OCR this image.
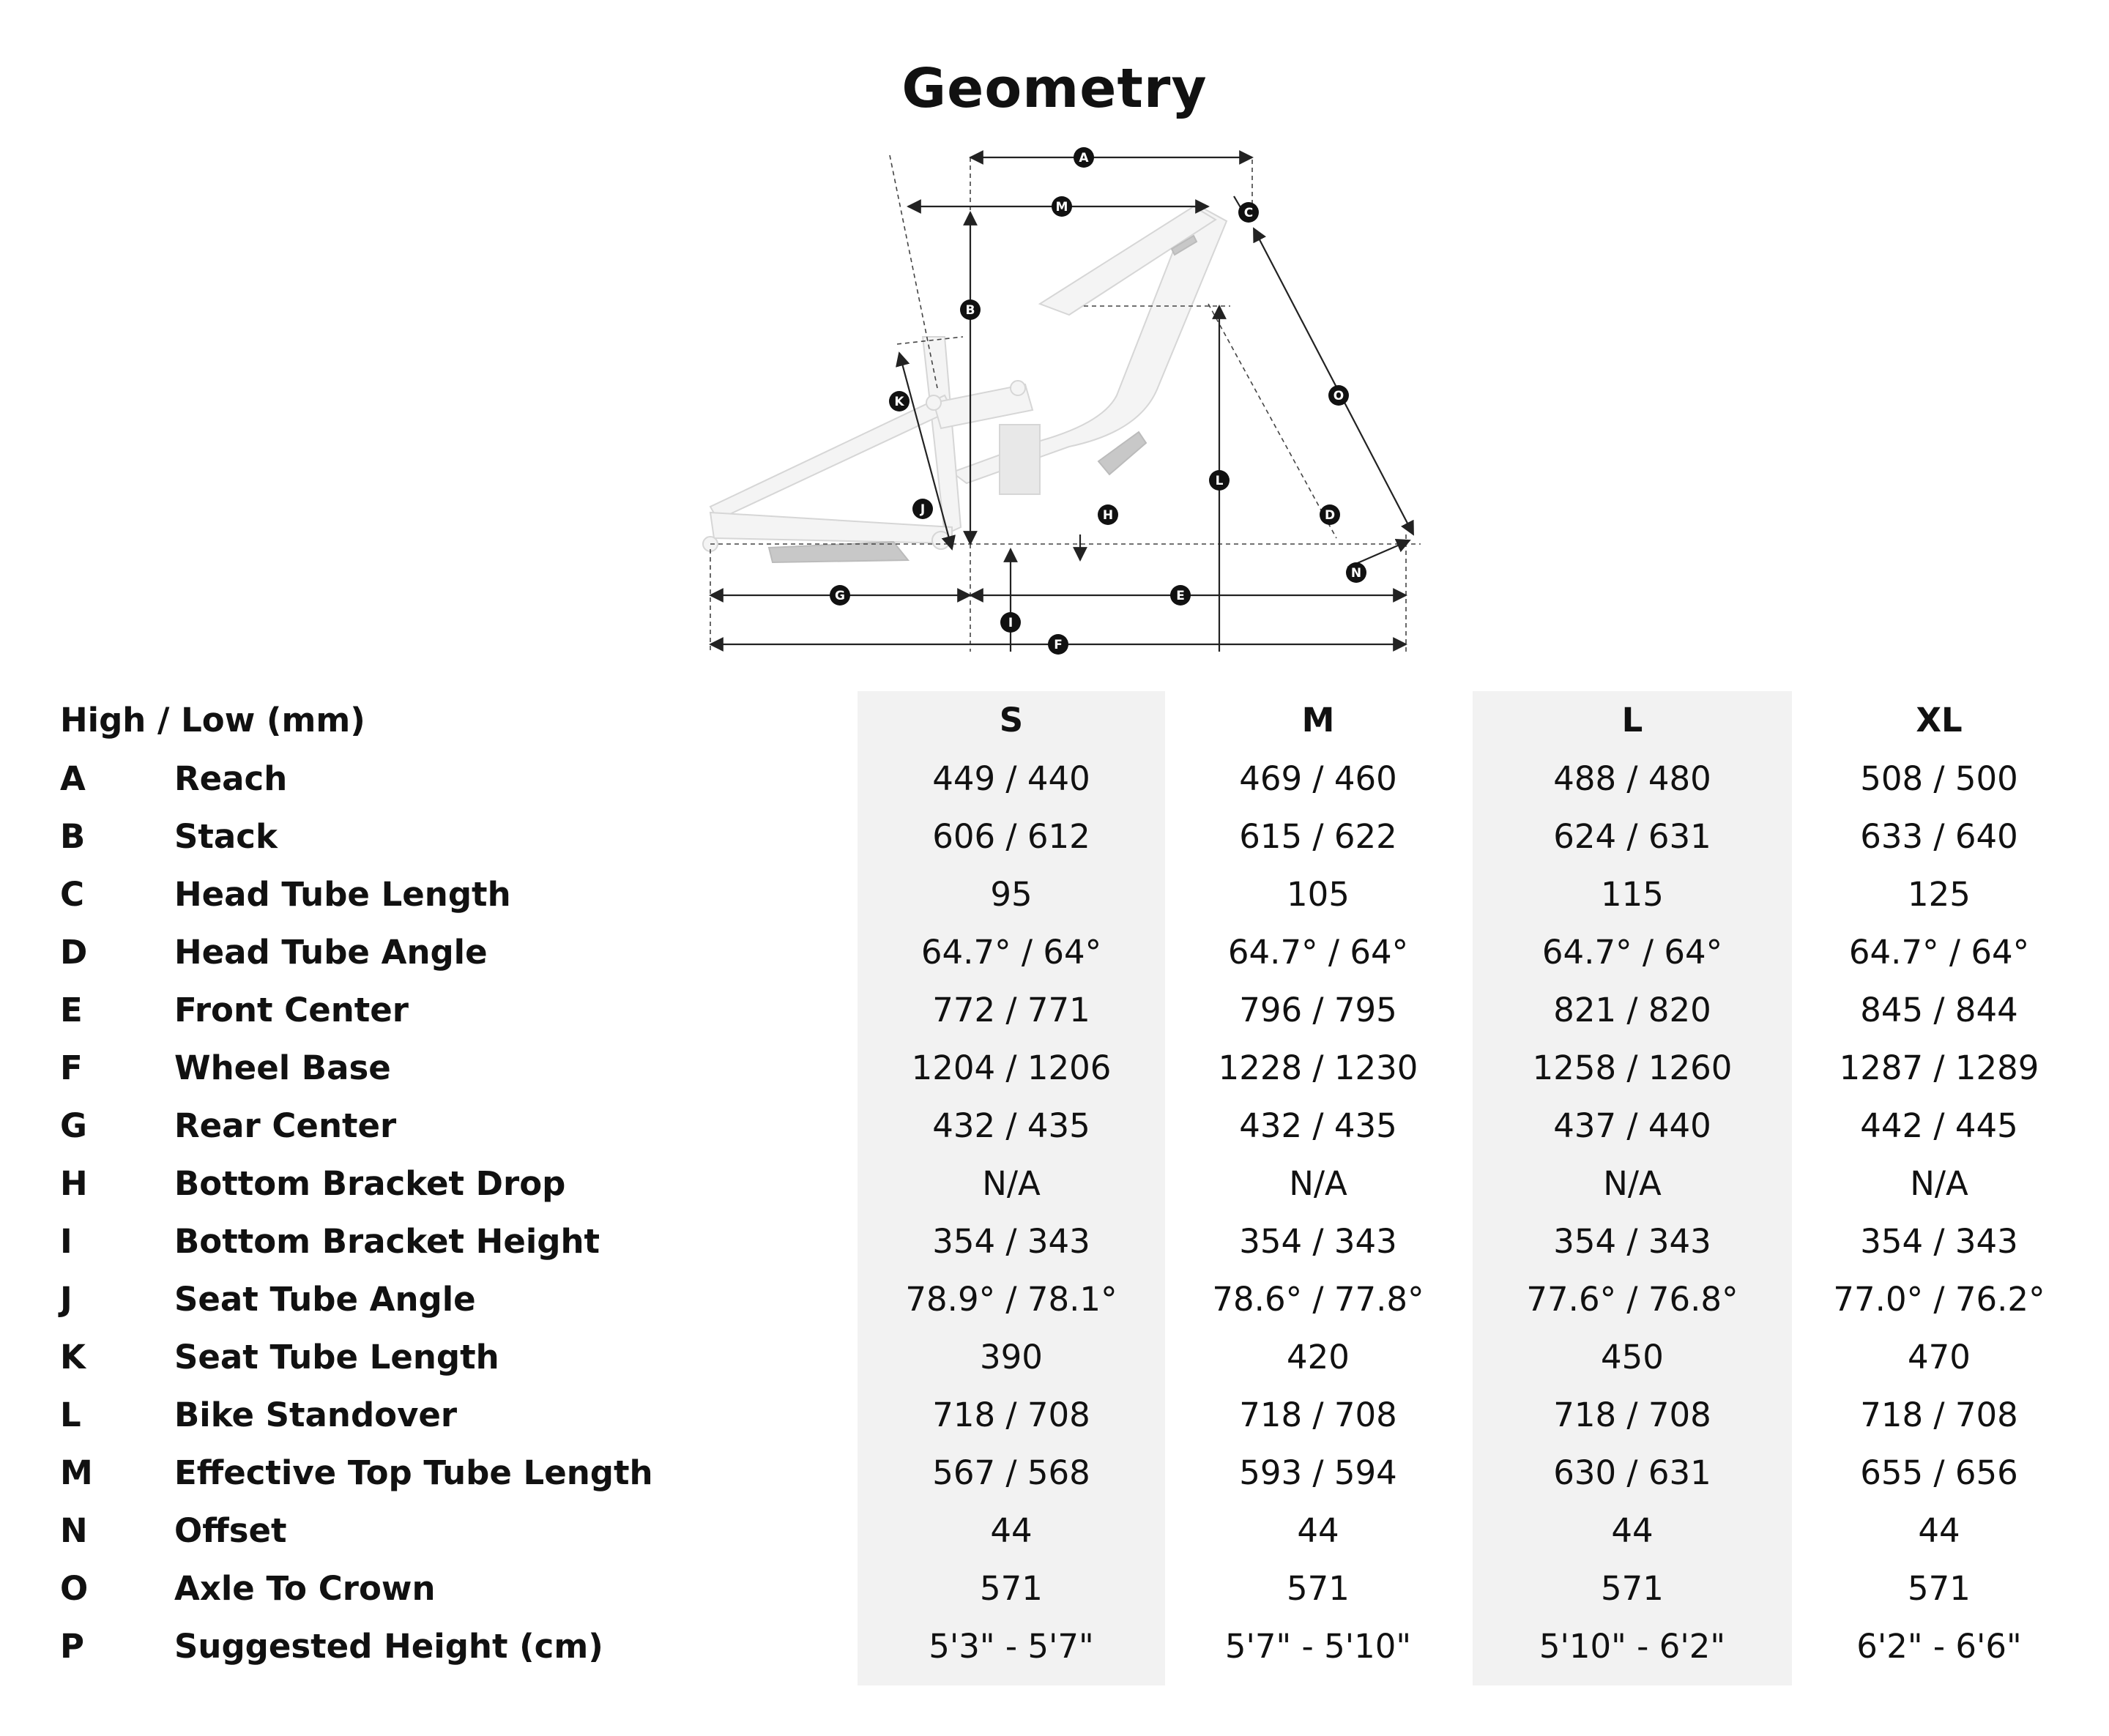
Geometry
A
M
B
C
K	O
L
J	H	D
N
G	E
I
F
High / Low (mm)	S	M	L	XL
A	Reach	449 / 440	469 / 460	488 / 480	508 / 500
B	Stack	606 / 612	615 / 622	624 / 631	633 / 640
C	Head Tube Length	95	105	115	125
D	Head Tube Angle	64.7° / 64°	64.7° / 64°	64.7° / 64°	64.7° / 64°
E	Front Center	772 / 771	796 / 795	821 / 820	845 / 844
F	Wheel Base	1204 / 1206	1228 / 1230	1258 / 1260	1287 / 1289
G	Rear Center	432 / 435	432 / 435	437 / 440	442 / 445
H	Bottom Bracket Drop	N/A	N/A	N/A	N/A
I	Bottom Bracket Height	354 / 343	354 / 343	354 / 343	354 / 343
J	Seat Tube Angle	78.9° / 78.1°	78.6° / 77.8°	77.6° / 76.8°	77.0° / 76.2°
K	Seat Tube Length	390	420	450	470
L	Bike Standover	718 / 708	718 / 708	718 / 708	718 / 708
M Effective Top Tube Length	567 / 568	593 / 594	630 / 631	655 / 656
N	Offset	44	44	44	44
O	Axle To Crown	571	571	571	571
P	Suggested Height (cm)	5'3" - 5'7"	5'7" - 5'10"	5'10" - 6'2"	6'2" - 6'6"
